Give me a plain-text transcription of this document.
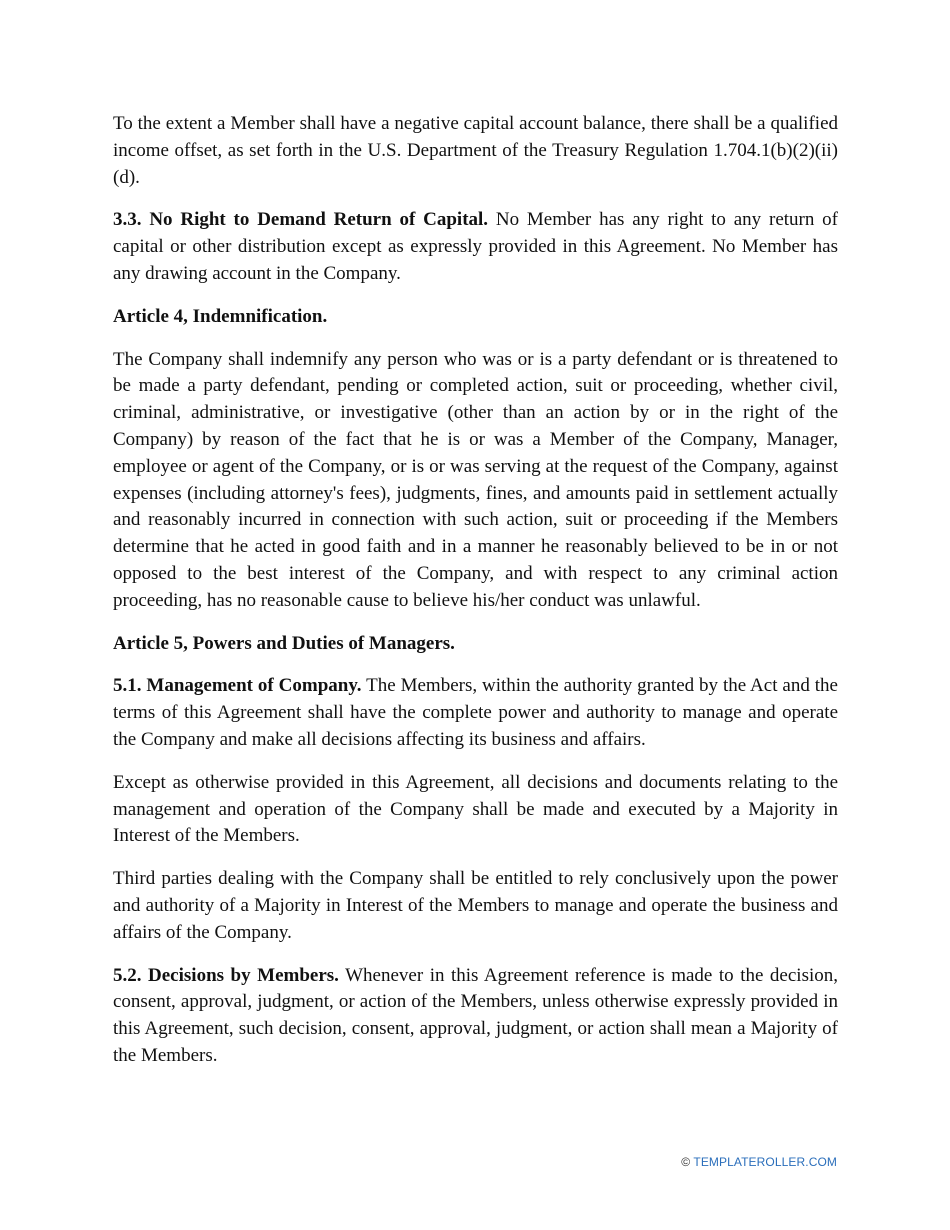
To the extent a Member shall have a negative capital account balance, there shall be a qualified income offset, as set forth in the U.S. Department of the Treasury Regulation 1.704.1(b)(2)(ii)(d).

3.3. No Right to Demand Return of Capital. No Member has any right to any return of capital or other distribution except as expressly provided in this Agreement. No Member has any drawing account in the Company.

Article 4, Indemnification.

The Company shall indemnify any person who was or is a party defendant or is threatened to be made a party defendant, pending or completed action, suit or proceeding, whether civil, criminal, administrative, or investigative (other than an action by or in the right of the Company) by reason of the fact that he is or was a Member of the Company, Manager, employee or agent of the Company, or is or was serving at the request of the Company, against expenses (including attorney's fees), judgments, fines, and amounts paid in settlement actually and reasonably incurred in connection with such action, suit or proceeding if the Members determine that he acted in good faith and in a manner he reasonably believed to be in or not opposed to the best interest of the Company, and with respect to any criminal action proceeding, has no reasonable cause to believe his/her conduct was unlawful.

Article 5, Powers and Duties of Managers.

5.1. Management of Company. The Members, within the authority granted by the Act and the terms of this Agreement shall have the complete power and authority to manage and operate the Company and make all decisions affecting its business and affairs.

Except as otherwise provided in this Agreement, all decisions and documents relating to the management and operation of the Company shall be made and executed by a Majority in Interest of the Members.

Third parties dealing with the Company shall be entitled to rely conclusively upon the power and authority of a Majority in Interest of the Members to manage and operate the business and affairs of the Company.

5.2. Decisions by Members. Whenever in this Agreement reference is made to the decision, consent, approval, judgment, or action of the Members, unless otherwise expressly provided in this Agreement, such decision, consent, approval, judgment, or action shall mean a Majority of the Members.

© TEMPLATEROLLER.COM
